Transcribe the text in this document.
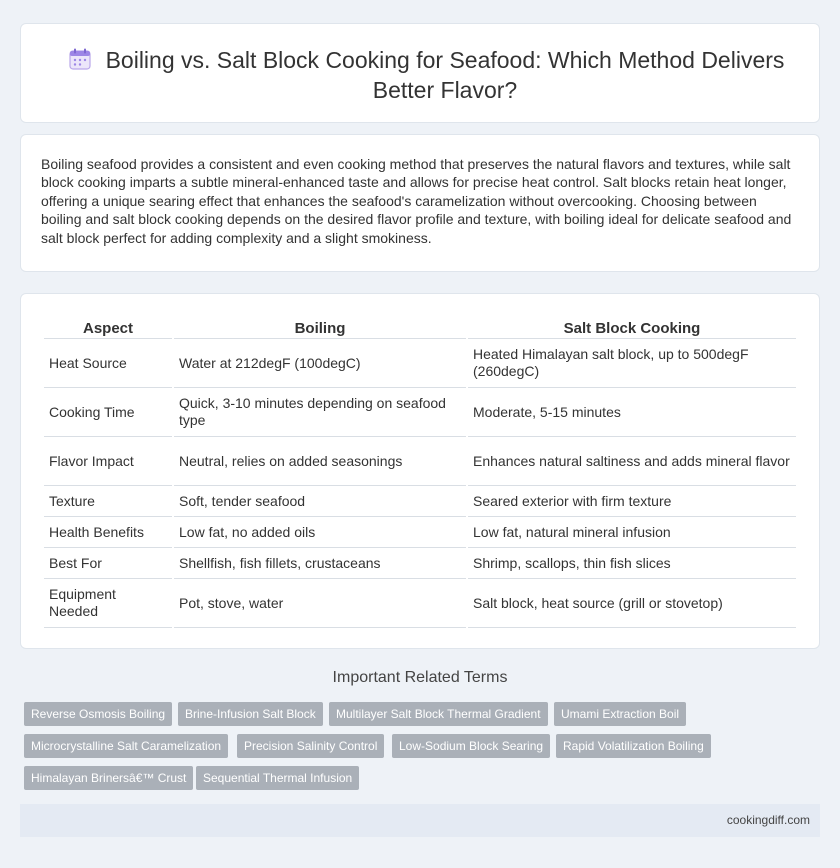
Boiling vs. Salt Block Cooking for Seafood: Which Method Delivers Better Flavor?
Boiling seafood provides a consistent and even cooking method that preserves the natural flavors and textures, while salt block cooking imparts a subtle mineral-enhanced taste and allows for precise heat control. Salt blocks retain heat longer, offering a unique searing effect that enhances the seafood's caramelization without overcooking. Choosing between boiling and salt block cooking depends on the desired flavor profile and texture, with boiling ideal for delicate seafood and salt block perfect for adding complexity and a slight smokiness.
Aspect	Boiling	Salt Block Cooking
Heat Source	Water at 212degF (100degC)	Heated Himalayan salt block, up to 500degF (260degC)
Cooking Time	Quick, 3-10 minutes depending on seafood type	Moderate, 5-15 minutes
Flavor Impact	Neutral, relies on added seasonings	Enhances natural saltiness and adds mineral flavor
Texture	Soft, tender seafood	Seared exterior with firm texture
Health Benefits	Low fat, no added oils	Low fat, natural mineral infusion
Best For	Shellfish, fish fillets, crustaceans	Shrimp, scallops, thin fish slices
Equipment Needed	Pot, stove, water	Salt block, heat source (grill or stovetop)
Important Related Terms
Reverse Osmosis Boiling	Brine-Infusion Salt Block	Multilayer Salt Block Thermal Gradient	Umami Extraction Boil
Microcrystalline Salt Caramelization	Precision Salinity Control	Low-Sodium Block Searing	Rapid Volatilization Boiling
Himalayan Brinersâ€™ Crust	Sequential Thermal Infusion
cookingdiff.com
